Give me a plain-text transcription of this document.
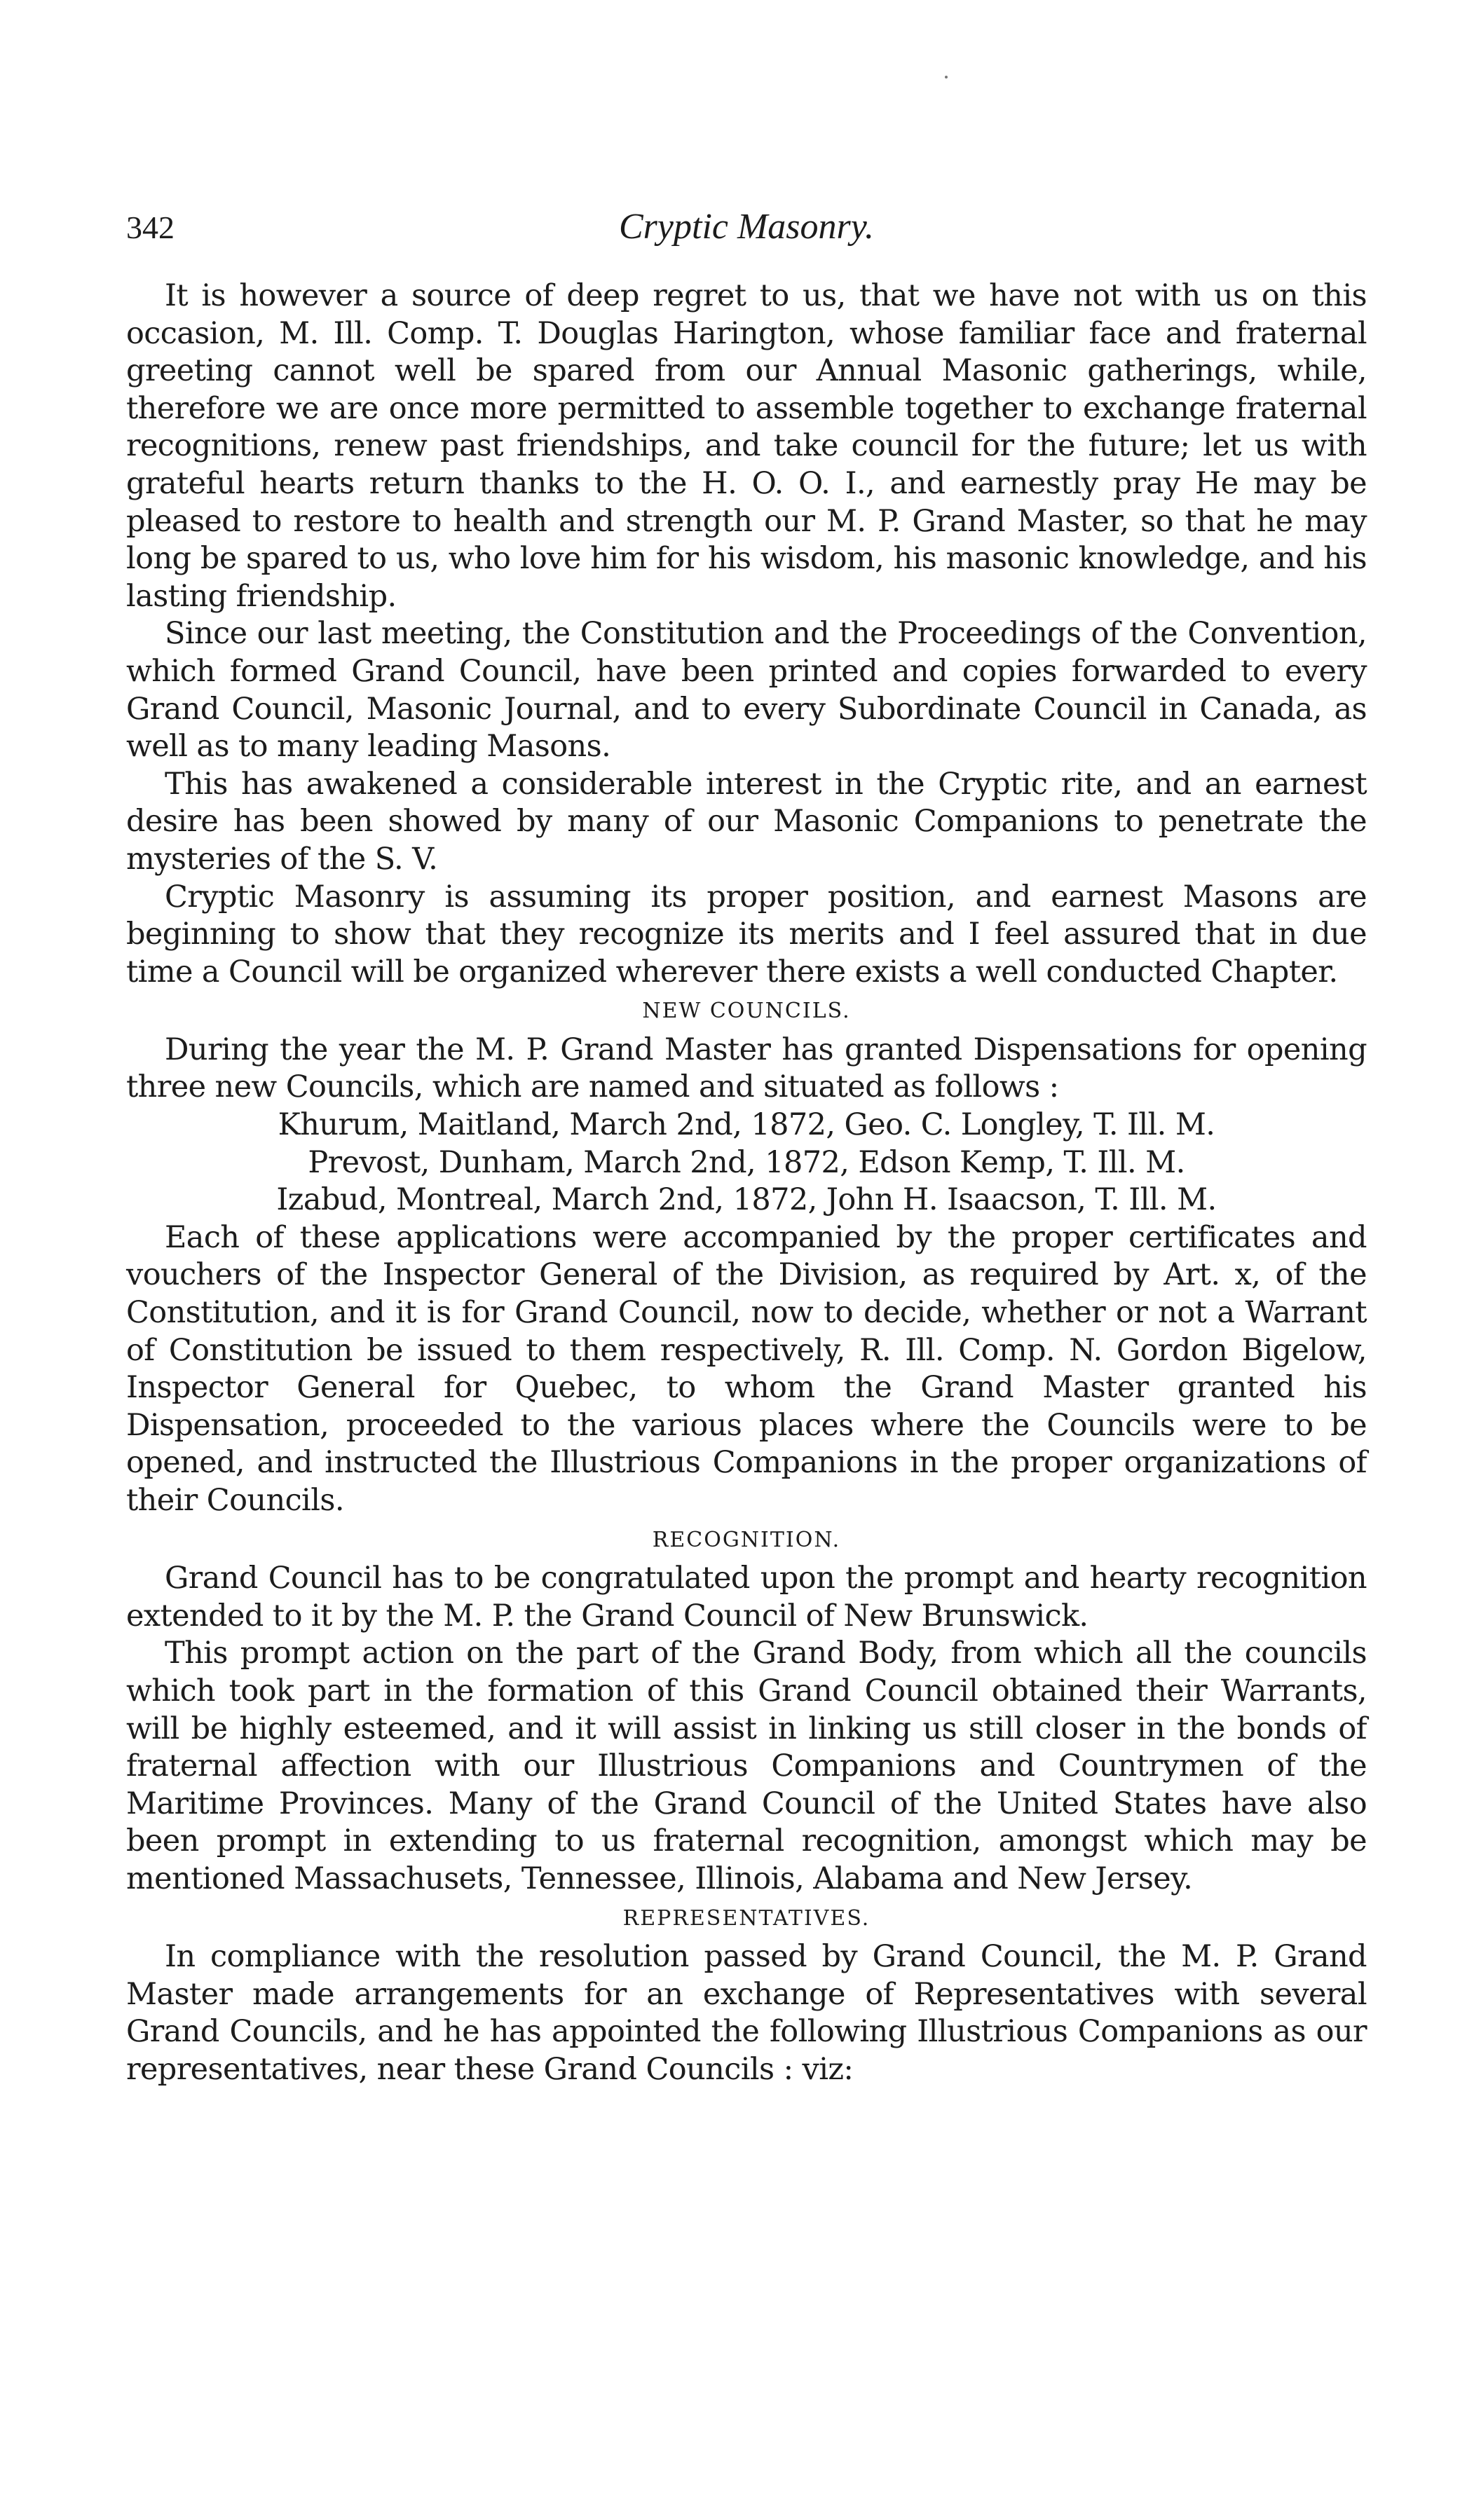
342	Cryptic Masonry.

It is however a source of deep regret to us, that we have not with us on this occasion, M. Ill. Comp. T. Douglas Harington, whose familiar face and fraternal greeting cannot well be spared from our Annual Masonic gatherings, while, therefore we are once more permitted to assemble together to exchange fraternal recognitions, renew past friendships, and take council for the future; let us with grateful hearts return thanks to the H. O. O. I., and earnestly pray He may be pleased to restore to health and strength our M. P. Grand Master, so that he may long be spared to us, who love him for his wisdom, his masonic knowledge, and his lasting friendship.

Since our last meeting, the Constitution and the Proceedings of the Convention, which formed Grand Council, have been printed and copies forwarded to every Grand Council, Masonic Journal, and to every Subordinate Council in Canada, as well as to many leading Masons.

This has awakened a considerable interest in the Cryptic rite, and an earnest desire has been showed by many of our Masonic Companions to penetrate the mysteries of the S. V.

Cryptic Masonry is assuming its proper position, and earnest Masons are beginning to show that they recognize its merits and I feel assured that in due time a Council will be organized wherever there exists a well conducted Chapter.

NEW COUNCILS.

During the year the M. P. Grand Master has granted Dispensations for opening three new Councils, which are named and situated as follows :

Khurum, Maitland, March 2nd, 1872, Geo. C. Longley, T. Ill. M.
Prevost, Dunham, March 2nd, 1872, Edson Kemp, T. Ill. M.
Izabud, Montreal, March 2nd, 1872, John H. Isaacson, T. Ill. M.

Each of these applications were accompanied by the proper certificates and vouchers of the Inspector General of the Division, as required by Art. x, of the Constitution, and it is for Grand Council, now to decide, whether or not a Warrant of Constitution be issued to them respectively, R. Ill. Comp. N. Gordon Bigelow, Inspector General for Quebec, to whom the Grand Master granted his Dispensation, proceeded to the various places where the Councils were to be opened, and instructed the Illustrious Companions in the proper organizations of their Councils.

RECOGNITION.

Grand Council has to be congratulated upon the prompt and hearty recognition extended to it by the M. P. the Grand Council of New Brunswick.

This prompt action on the part of the Grand Body, from which all the councils which took part in the formation of this Grand Council obtained their Warrants, will be highly esteemed, and it will assist in linking us still closer in the bonds of fraternal affection with our Illustrious Companions and Countrymen of the Maritime Provinces. Many of the Grand Council of the United States have also been prompt in extending to us fraternal recognition, amongst which may be mentioned Massachusets, Tennessee, Illinois, Alabama and New Jersey.

REPRESENTATIVES.

In compliance with the resolution passed by Grand Council, the M. P. Grand Master made arrangements for an exchange of Representatives with several Grand Councils, and he has appointed the following Illustrious Companions as our representatives, near these Grand Councils : viz:
